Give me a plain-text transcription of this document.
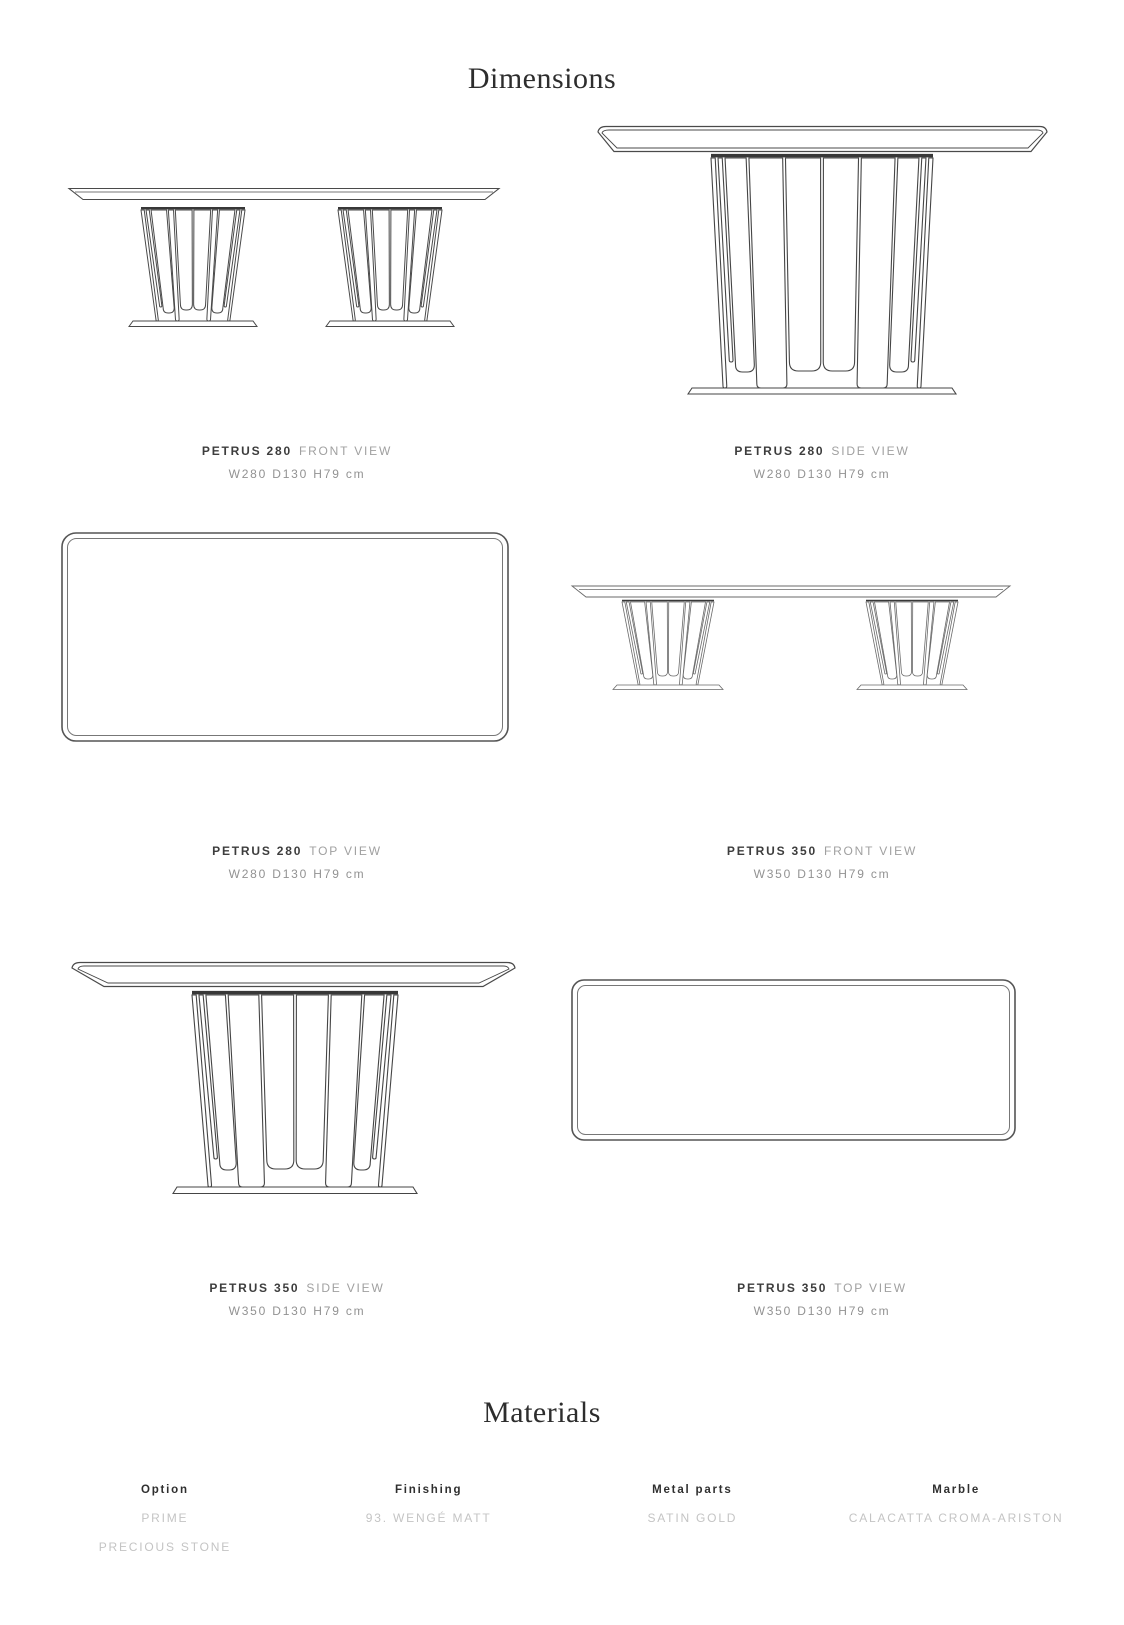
Dimensions
PETRUS 280 FRONT VIEW
W280 D130 H79 cm
PETRUS 280 SIDE VIEW
W280 D130 H79 cm
PETRUS 280 TOP VIEW
W280 D130 H79 cm
PETRUS 350 FRONT VIEW
W350 D130 H79 cm
PETRUS 350 SIDE VIEW
W350 D130 H79 cm
PETRUS 350 TOP VIEW
W350 D130 H79 cm
Materials
Option
PRIME
PRECIOUS STONE
Finishing
93. WENGÉ MATT
Metal parts
SATIN GOLD
Marble
CALACATTA CROMA-ARISTON
